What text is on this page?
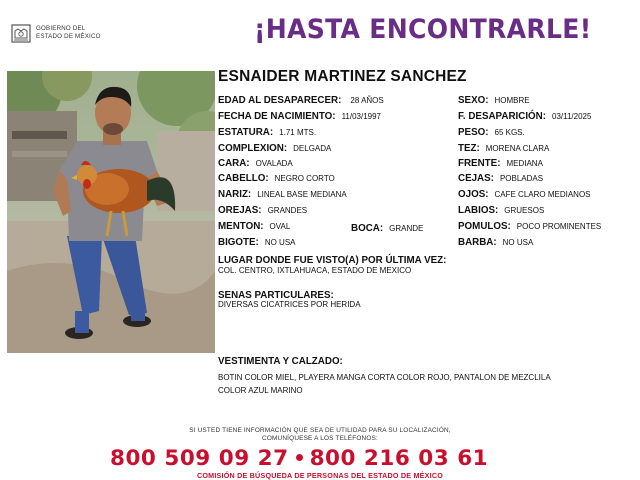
GOBIERNO DEL
ESTADO DE MÉXICO	¡HASTA ENCONTRARLE!
ESNAIDER MARTINEZ SANCHEZ
EDAD AL DESAPARECER: 28 AÑOS
FECHA DE NACIMIENTO: 11/03/1997
ESTATURA: 1.71 MTS.
COMPLEXION: DELGADA
CARA: OVALADA
CABELLO: NEGRO CORTO
NARIZ: LINEAL BASE MEDIANA
OREJAS: GRANDES
MENTON: OVAL	BOCA: GRANDE
BIGOTE: NO USA
SEXO: HOMBRE
F. DESAPARICIÓN: 03/11/2025
PESO: 65 KGS.
TEZ: MORENA CLARA
FRENTE: MEDIANA
CEJAS: POBLADAS
OJOS: CAFE CLARO MEDIANOS
LABIOS: GRUESOS
POMULOS: POCO PROMINENTES
BARBA: NO USA
LUGAR DONDE FUE VISTO(A) POR ÚLTIMA VEZ:
COL. CENTRO, IXTLAHUACA, ESTADO DE MEXICO
SENAS PARTICULARES:
DIVERSAS CICATRICES POR HERIDA
VESTIMENTA Y CALZADO:
BOTIN COLOR MIEL, PLAYERA MANGA CORTA COLOR ROJO, PANTALON DE MEZCLILA
COLOR AZUL MARINO
SI USTED TIENE INFORMACIÓN QUE SEA DE UTILIDAD PARA SU LOCALIZACIÓN,
COMUNÍQUESE A LOS TELÉFONOS:
800 509 09 27 800 216 03 61
COMISIÓN DE BÚSQUEDA DE PERSONAS DEL ESTADO DE MÉXICO
